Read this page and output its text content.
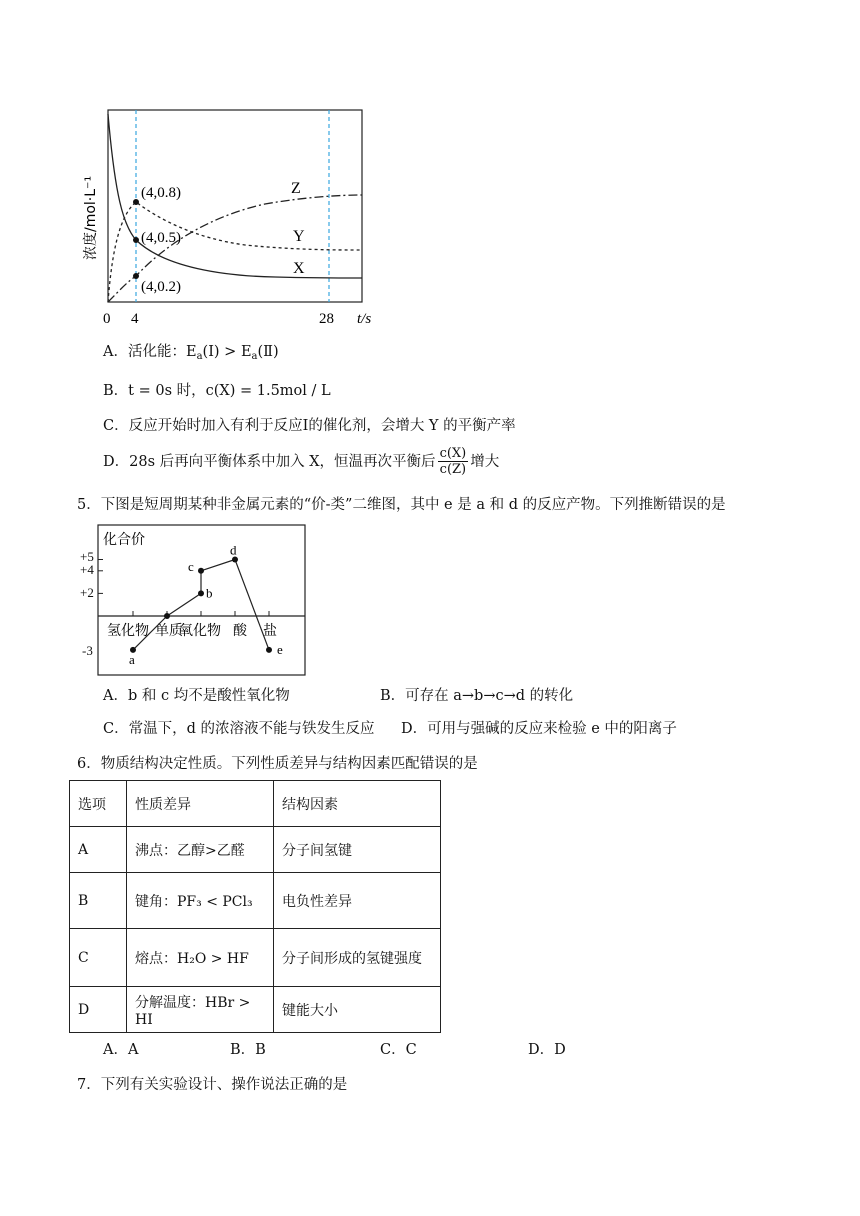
(4,0.8)
(4,0.5)
(4,0.2)
Z
Y
X
0 4	28 t/s
浓度/mol·L⁻¹
A．活化能：$E_a(Ⅰ)$ > $E_a(Ⅱ)$
B．t = 0s 时，c(X) = 1.5mol / L
C．反应开始时加入有利于反应Ⅰ的催化剂，会增大 Y 的平衡产率
D．28s 后再向平衡体系中加入 X，恒温再次平衡后 $\frac{c(X)}{c(Z)}$ 增大
5．下图是短周期某种非金属元素的“价-类”二维图，其中 e 是 a 和 d 的反应产物。下列推断错误的是
化合价
氢化物 单质
氧化物 酸 盐
a
b
c
d
e
+5
+4
+2
-3
A．b 和 c 均不是酸性氧化物	B．可存在 a→b→c→d 的转化
C．常温下，d 的浓溶液不能与铁发生反应 D．可用与强碱的反应来检验 e 中的阳离子
6．物质结构决定性质。下列性质差异与结构因素匹配错误的是
选项	性质差异	结构因素
A	沸点：乙醇>乙醛	分子间氢键
B	键角：PF₃ < PCl₃	电负性差异
C	熔点：H₂O > HF	分子间形成的氢键强度
D	分解温度：HBr > HI	键能大小
A．A	B．B	C．C	D．D
7．下列有关实验设计、操作说法正确的是
